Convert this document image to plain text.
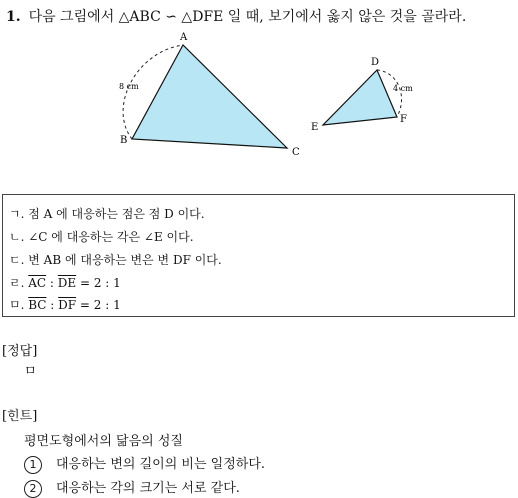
1. 다음 그림에서 △ABC ∽ △DFE 일 때, 보기에서 옳지 않은 것을 골라라.
A
B
C
8 cm
D
E
F
4 cm
ㄱ. 점 A 에 대응하는 점은 점 D 이다.
ㄴ. ∠C 에 대응하는 각은 ∠E 이다.
ㄷ. 변 AB 에 대응하는 변은 변 DF 이다.
ㄹ. $\overline{AC}$ : $\overline{DE} = 2$ : 1
ㅁ. $\overline{BC}$ : $\overline{DF} = 2$ : 1
[정답]
ㅁ
[힌트]
평면도형에서의 닮음의 성질
1 대응하는 변의 길이의 비는 일정하다.
2 대응하는 각의 크기는 서로 같다.
